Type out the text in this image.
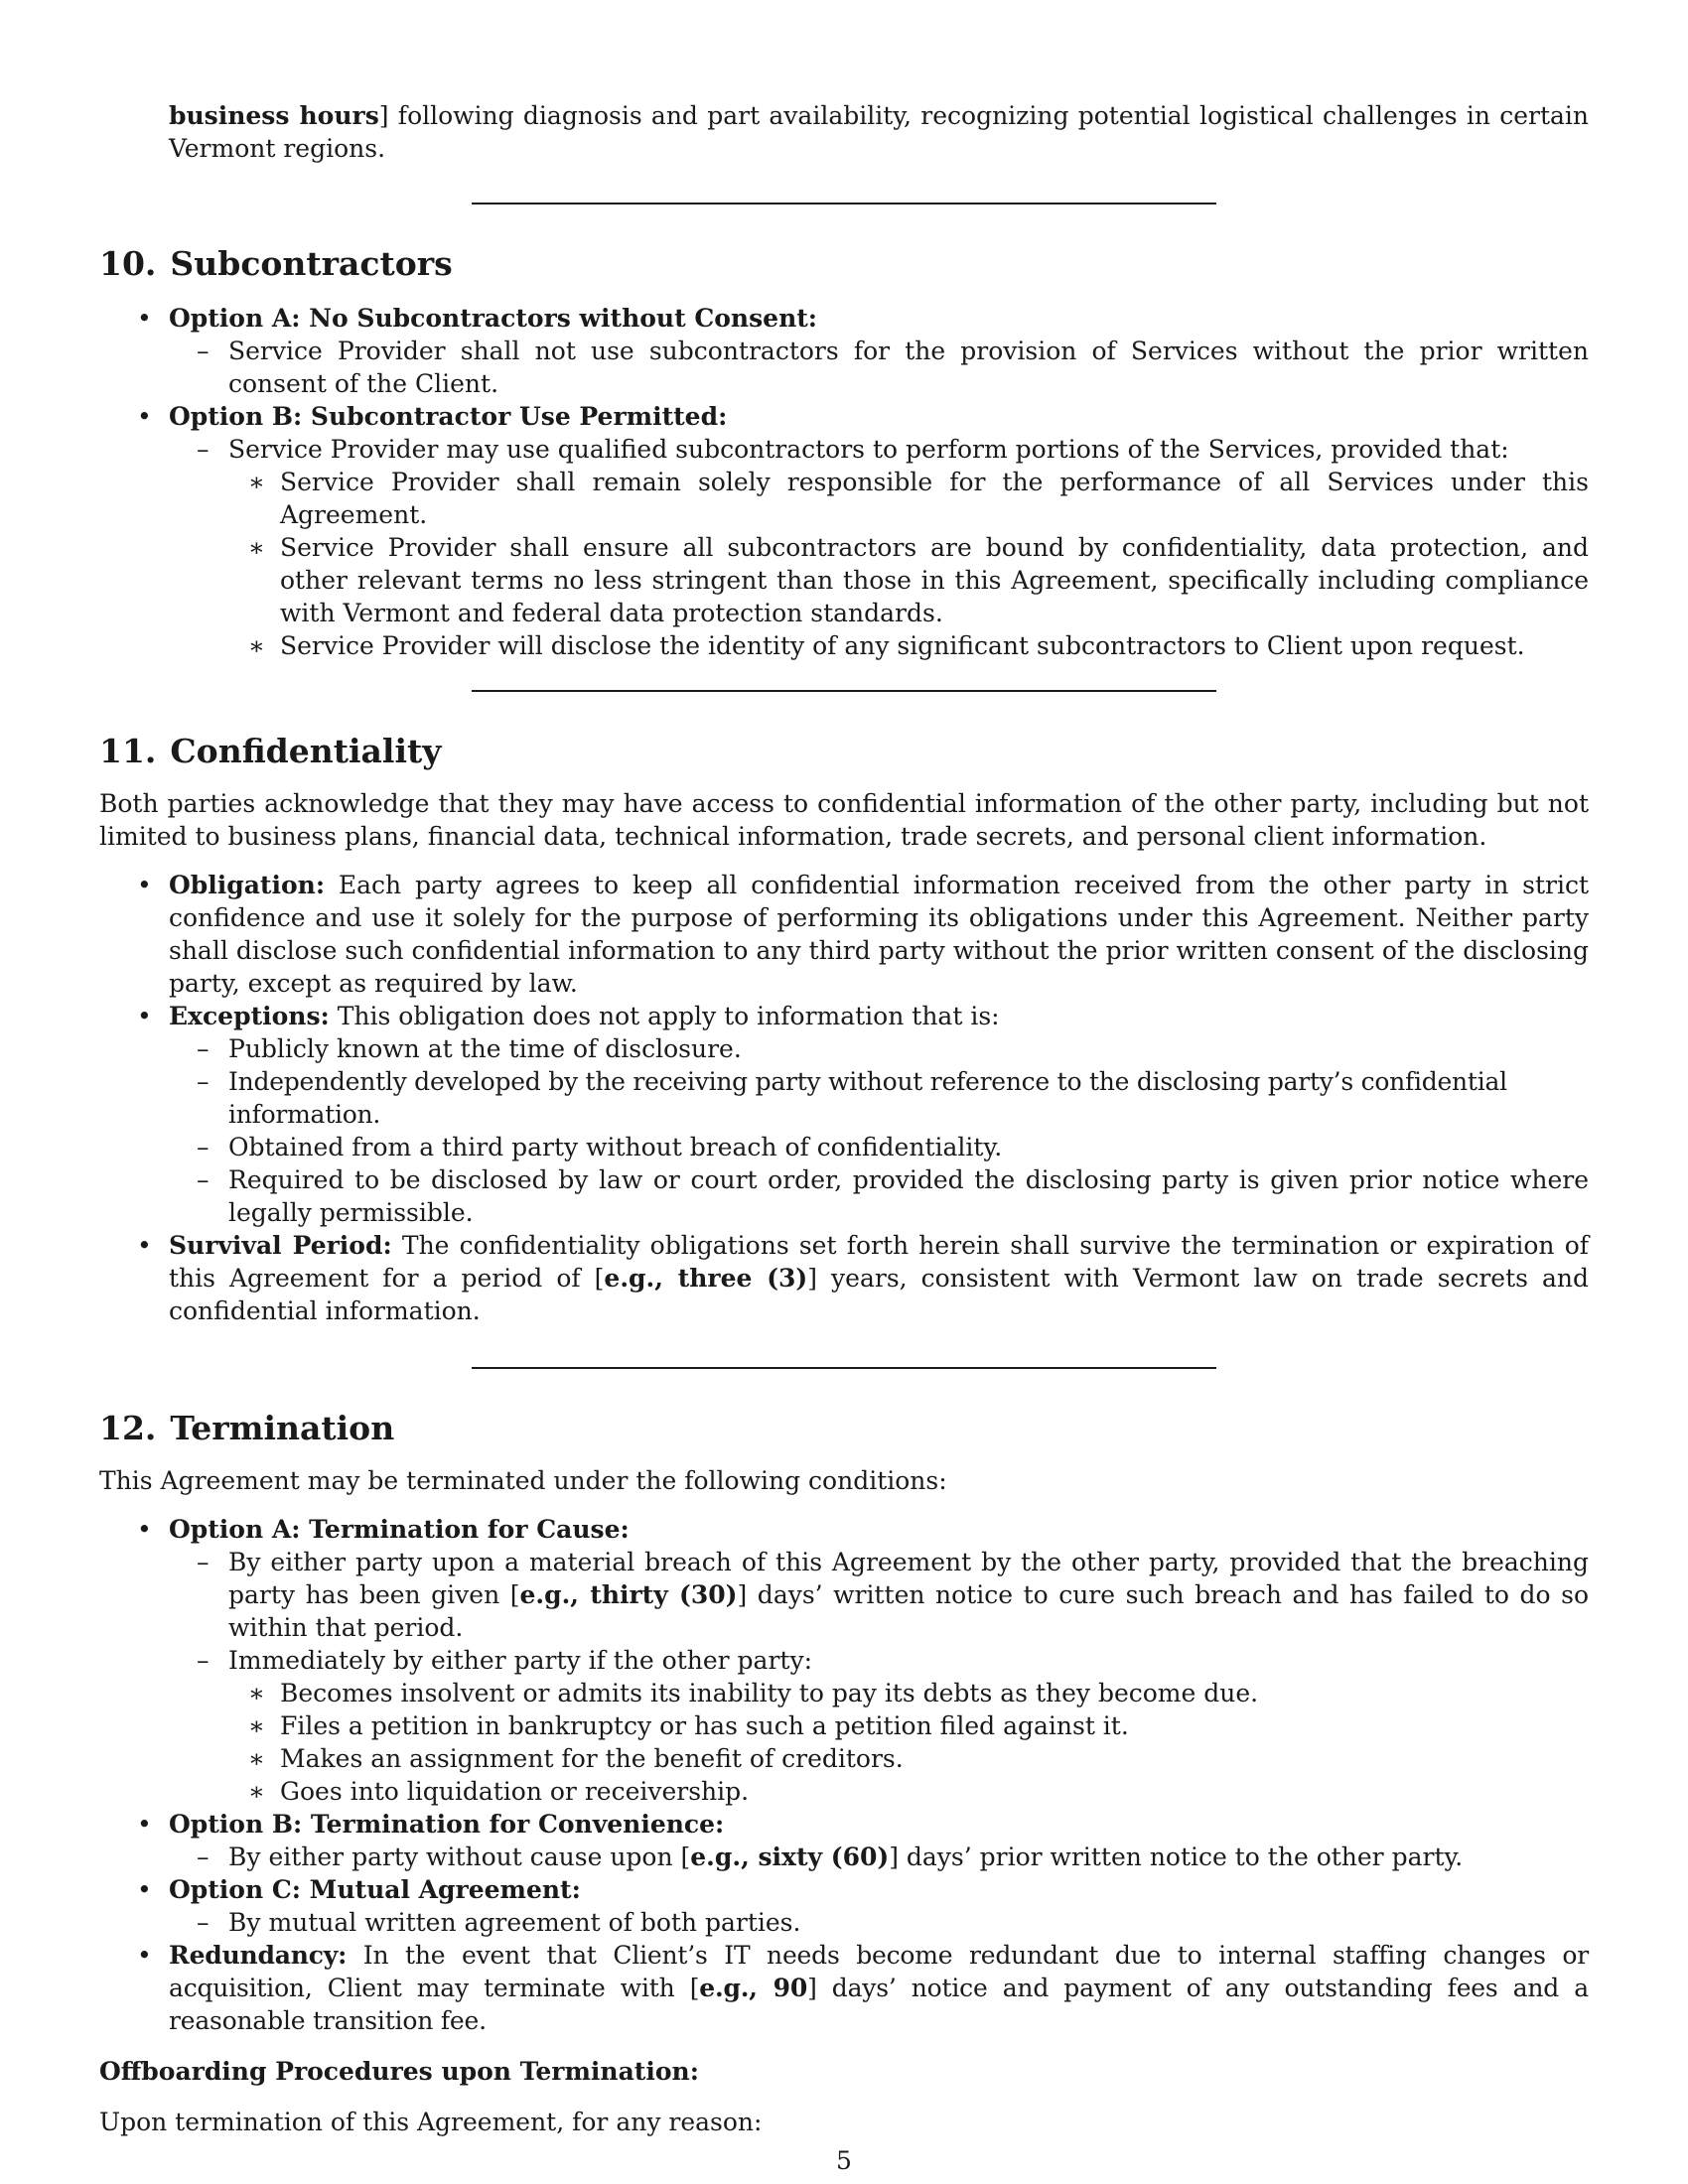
business hours] following diagnosis and part availability, recognizing potential logistical challenges in certain Vermont regions.

10. Subcontractors

• Option A: No Subcontractors without Consent:

– Service Provider shall not use subcontractors for the provision of Services without the prior written consent of the Client.

• Option B: Subcontractor Use Permitted:

– Service Provider may use qualified subcontractors to perform portions of the Services, provided that:

∗ Service Provider shall remain solely responsible for the performance of all Services under this Agreement.

∗ Service Provider shall ensure all subcontractors are bound by confidentiality, data protection, and other relevant terms no less stringent than those in this Agreement, specifically including compliance with Vermont and federal data protection standards.

∗ Service Provider will disclose the identity of any significant subcontractors to Client upon request.

11. Confidentiality

Both parties acknowledge that they may have access to confidential information of the other party, including but not limited to business plans, financial data, technical information, trade secrets, and personal client information.

• Obligation: Each party agrees to keep all confidential information received from the other party in strict confidence and use it solely for the purpose of performing its obligations under this Agreement. Neither party shall disclose such confidential information to any third party without the prior written consent of the disclosing party, except as required by law.

• Exceptions: This obligation does not apply to information that is:

– Publicly known at the time of disclosure.

– Independently developed by the receiving party without reference to the disclosing party’s confidential information.

– Obtained from a third party without breach of confidentiality.

– Required to be disclosed by law or court order, provided the disclosing party is given prior notice where legally permissible.

• Survival Period: The confidentiality obligations set forth herein shall survive the termination or expiration of this Agreement for a period of [e.g., three (3)] years, consistent with Vermont law on trade secrets and confidential information.

12. Termination

This Agreement may be terminated under the following conditions:

• Option A: Termination for Cause:

– By either party upon a material breach of this Agreement by the other party, provided that the breaching party has been given [e.g., thirty (30)] days’ written notice to cure such breach and has failed to do so within that period.

– Immediately by either party if the other party:

∗ Becomes insolvent or admits its inability to pay its debts as they become due.

∗ Files a petition in bankruptcy or has such a petition filed against it.

∗ Makes an assignment for the benefit of creditors.

∗ Goes into liquidation or receivership.

• Option B: Termination for Convenience:

– By either party without cause upon [e.g., sixty (60)] days’ prior written notice to the other party.

• Option C: Mutual Agreement:

– By mutual written agreement of both parties.

• Redundancy: In the event that Client’s IT needs become redundant due to internal staffing changes or acquisition, Client may terminate with [e.g., 90] days’ notice and payment of any outstanding fees and a reasonable transition fee.

Offboarding Procedures upon Termination:

Upon termination of this Agreement, for any reason:

5
